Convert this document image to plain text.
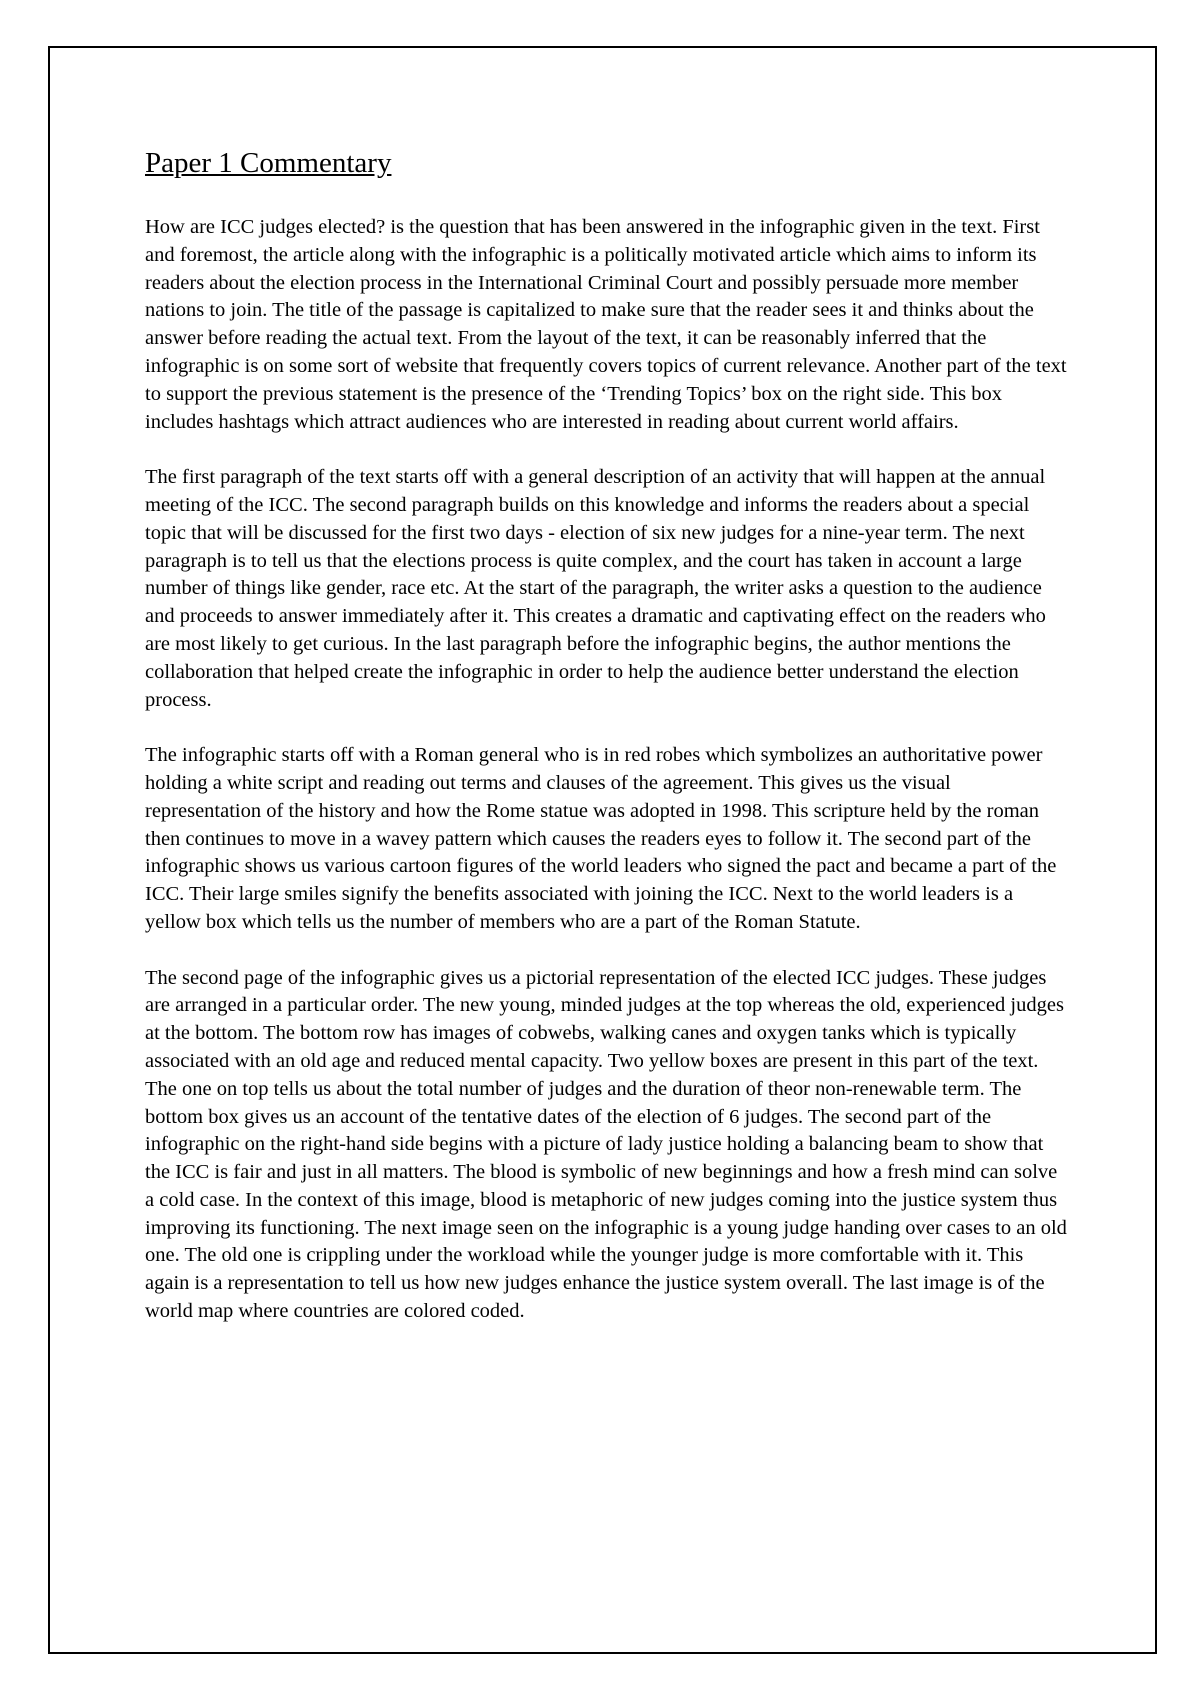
Paper 1 Commentary

How are ICC judges elected? is the question that has been answered in the infographic given in the text. First and foremost, the article along with the infographic is a politically motivated article which aims to inform its readers about the election process in the International Criminal Court and possibly persuade more member nations to join. The title of the passage is capitalized to make sure that the reader sees it and thinks about the answer before reading the actual text. From the layout of the text, it can be reasonably inferred that the infographic is on some sort of website that frequently covers topics of current relevance. Another part of the text to support the previous statement is the presence of the ‘Trending Topics’ box on the right side. This box includes hashtags which attract audiences who are interested in reading about current world affairs.

The first paragraph of the text starts off with a general description of an activity that will happen at the annual meeting of the ICC. The second paragraph builds on this knowledge and informs the readers about a special topic that will be discussed for the first two days - election of six new judges for a nine-year term. The next paragraph is to tell us that the elections process is quite complex, and the court has taken in account a large number of things like gender, race etc. At the start of the paragraph, the writer asks a question to the audience and proceeds to answer immediately after it. This creates a dramatic and captivating effect on the readers who are most likely to get curious. In the last paragraph before the infographic begins, the author mentions the collaboration that helped create the infographic in order to help the audience better understand the election process.

The infographic starts off with a Roman general who is in red robes which symbolizes an authoritative power holding a white script and reading out terms and clauses of the agreement. This gives us the visual representation of the history and how the Rome statue was adopted in 1998. This scripture held by the roman then continues to move in a wavey pattern which causes the readers eyes to follow it. The second part of the infographic shows us various cartoon figures of the world leaders who signed the pact and became a part of the ICC. Their large smiles signify the benefits associated with joining the ICC. Next to the world leaders is a yellow box which tells us the number of members who are a part of the Roman Statute.

The second page of the infographic gives us a pictorial representation of the elected ICC judges. These judges are arranged in a particular order. The new young, minded judges at the top whereas the old, experienced judges at the bottom. The bottom row has images of cobwebs, walking canes and oxygen tanks which is typically associated with an old age and reduced mental capacity. Two yellow boxes are present in this part of the text. The one on top tells us about the total number of judges and the duration of theor non-renewable term. The bottom box gives us an account of the tentative dates of the election of 6 judges. The second part of the infographic on the right-hand side begins with a picture of lady justice holding a balancing beam to show that the ICC is fair and just in all matters. The blood is symbolic of new beginnings and how a fresh mind can solve a cold case. In the context of this image, blood is metaphoric of new judges coming into the justice system thus improving its functioning. The next image seen on the infographic is a young judge handing over cases to an old one. The old one is crippling under the workload while the younger judge is more comfortable with it. This again is a representation to tell us how new judges enhance the justice system overall. The last image is of the world map where countries are colored coded.
